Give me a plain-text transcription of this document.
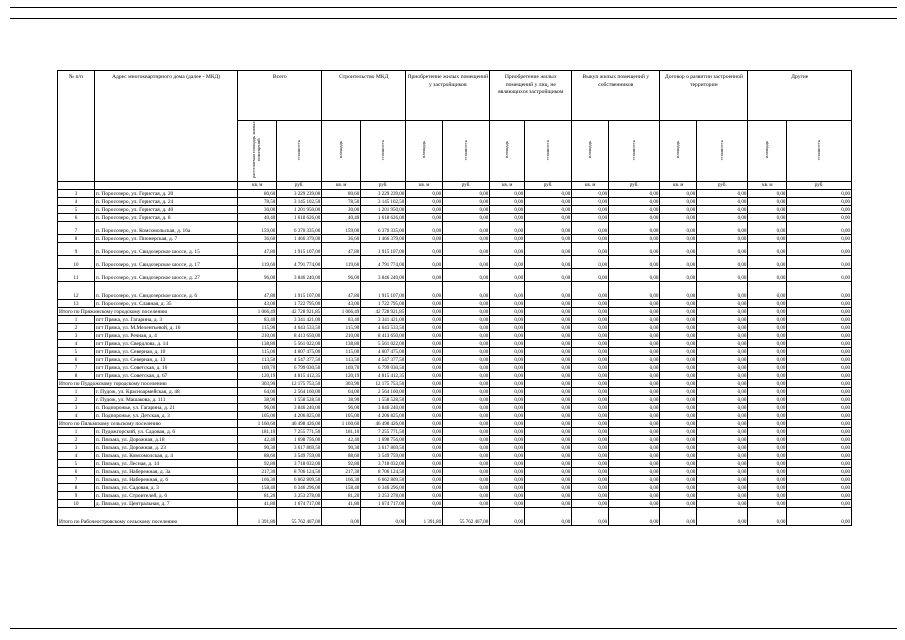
№ п/п	Адрес многоквартирного дома (далее - МКД)	Всего		Строительство МКД		Приобретение жилых помещений у застройщиков		Приобретение жилых помещений у лиц, не являющихся застройщиком		Выкуп жилых помещений у собственников		Договор о развитии застроенной территории		Другие	
		расселяемая площадь жилых помещений	стоимость	площадь	стоимость	площадь	стоимость	площадь	стоимость	площадь	стоимость	площадь	стоимость	площадь	стоимость
		кв. м	руб.	кв. м	руб.	кв. м	руб.	кв. м	руб.	кв. м	руб.	кв. м	руб.	кв. м	руб.
3	п. Поросозеро, ул. Гористая, д. 20	80,60	3 229 239,00	80,60	3 229 239,00	0,00	0,00	0,00	0,00	0,00	0,00	0,00	0,00	0,00	0,00
4	п. Поросозеро, ул. Гористая, д. 24	78,50	3 145 102,50	78,50	3 145 102,50	0,00	0,00	0,00	0,00	0,00	0,00	0,00	0,00	0,00	0,00
5	п. Поросозеро, ул. Гористая, д. 40	30,00	1 201 950,00	30,00	1 201 950,00	0,00	0,00	0,00	0,00	0,00	0,00	0,00	0,00	0,00	0,00
6	п. Поросозеро, ул. Гористая, д. 8	40,40	1 618 626,00	40,40	1 618 626,00	0,00	0,00	0,00	0,00	0,00	0,00	0,00	0,00	0,00	0,00
7	п. Поросозеро, ул. Комсомольская, д. 16а	159,00	6 370 335,00	159,00	6 370 335,00	0,00	0,00	0,00	0,00	0,00	0,00	0,00	0,00	0,00	0,00
8	п. Поросозеро, ул. Пионерская, д. 7	36,60	1 466 379,00	36,60	1 466 379,00	0,00	0,00	0,00	0,00	0,00	0,00	0,00	0,00	0,00	0,00
9	п. Поросозеро, ул. Свидозерское шоссе, д. 15	47,80	1 915 107,00	47,80	1 915 107,00	0,00	0,00	0,00	0,00	0,00	0,00	0,00	0,00	0,00	0,00
10	п. Поросозеро, ул. Свидозерское шоссе, д. 17	119,60	4 791 774,00	119,60	4 791 774,00	0,00	0,00	0,00	0,00	0,00	0,00	0,00	0,00	0,00	0,00
11	п. Поросозеро, ул. Свидозерское шоссе, д. 27	96,00	3 846 240,00	96,00	3 846 240,00	0,00	0,00	0,00	0,00	0,00	0,00	0,00	0,00	0,00	0,00
12	п. Поросозеро, ул. Свидозерское шоссе, д. 6	47,80	1 915 107,00	47,80	1 915 107,00	0,00	0,00	0,00	0,00	0,00	0,00	0,00	0,00	0,00	0,00
13	п. Поросозеро, ул. Славная, д. 35	43,00	1 722 795,00	43,00	1 722 795,00	0,00	0,00	0,00	0,00	0,00	0,00	0,00	0,00	0,00	0,00
Итого по Пряжинскому городскому поселению		1 066,49	42 728 921,85	1 066,49	42 728 921,85	0,00	0,00	0,00	0,00	0,00	0,00	0,00	0,00	0,00	0,00
1	пгт Пряжа, ул. Гагарина, д. 3	83,40	3 341 421,00	83,40	3 341 421,00	0,00	0,00	0,00	0,00	0,00	0,00	0,00	0,00	0,00	0,00
2	пгт Пряжа, ул. М.Мелентьевой, д. 16	115,90	4 643 533,50	115,90	4 643 533,50	0,00	0,00	0,00	0,00	0,00	0,00	0,00	0,00	0,00	0,00
3	пгт Пряжа, ул. Речная, д. 4	210,00	8 413 650,00	210,00	8 413 650,00	0,00	0,00	0,00	0,00	0,00	0,00	0,00	0,00	0,00	0,00
4	пгт Пряжа, ул. Свердлова, д. 14	138,80	5 561 022,00	138,80	5 561 022,00	0,00	0,00	0,00	0,00	0,00	0,00	0,00	0,00	0,00	0,00
5	пгт Пряжа, ул. Северная, д. 10	115,00	4 607 475,00	115,00	4 607 475,00	0,00	0,00	0,00	0,00	0,00	0,00	0,00	0,00	0,00	0,00
6	пгт Пряжа, ул. Северная, д. 13	113,50	4 547 377,50	113,50	4 547 377,50	0,00	0,00	0,00	0,00	0,00	0,00	0,00	0,00	0,00	0,00
7	пгт Пряжа, ул. Советская, д. 16	169,70	6 799 030,50	169,70	6 799 030,50	0,00	0,00	0,00	0,00	0,00	0,00	0,00	0,00	0,00	0,00
8	пгт Пряжа, ул. Советская, д. 67	120,19	4 815 412,35	120,19	4 815 412,35	0,00	0,00	0,00	0,00	0,00	0,00	0,00	0,00	0,00	0,00
Итого по Пуддожскому городскому поселению		303,90	12 175 753,50	303,90	12 175 753,50	0,00	0,00	0,00	0,00	0,00	0,00	0,00	0,00	0,00	0,00
1	г. Пудож, ул. Красноармейская, д. 48	64,00	2 564 160,00	64,00	2 564 160,00	0,00	0,00	0,00	0,00	0,00	0,00	0,00	0,00	0,00	0,00
2	г. Пудож, ул. Машакова, д. 111	38,90	1 558 528,50	38,90	1 558 528,50	0,00	0,00	0,00	0,00	0,00	0,00	0,00	0,00	0,00	0,00
3	п. Подпорожье, ул. Гагарина, д. 21	96,00	3 846 240,00	96,00	3 846 240,00	0,00	0,00	0,00	0,00	0,00	0,00	0,00	0,00	0,00	0,00
4	п. Подпорожье, ул. Детская, д. 3	105,00	4 206 825,00	105,00	4 206 825,00	0,00	0,00	0,00	0,00	0,00	0,00	0,00	0,00	0,00	0,00
Итого по Пяльмскому сельскому поселению		1 160,60	46 498 426,00	1 160,60	46 498 426,00	0,00	0,00	0,00	0,00	0,00	0,00	0,00	0,00	0,00	0,00
1	п. Пудожгорский, ул. Садовая, д. 6	181,10	7 255 771,50	181,10	7 255 771,50	0,00	0,00	0,00	0,00	0,00	0,00	0,00	0,00	0,00	0,00
2	п. Пяльма, ул. Дорожная, д.18	42,40	1 698 756,00	42,40	1 698 756,00	0,00	0,00	0,00	0,00	0,00	0,00	0,00	0,00	0,00	0,00
3	п. Пяльма, ул. Дорожная, д. 23	90,30	3 617 869,50	90,30	3 617 869,50	0,00	0,00	0,00	0,00	0,00	0,00	0,00	0,00	0,00	0,00
4	п. Пяльма, ул. Комсомолская, д. 4	88,60	3 549 759,00	88,60	3 549 759,00	0,00	0,00	0,00	0,00	0,00	0,00	0,00	0,00	0,00	0,00
5	п. Пяльма, ул. Лесная, д. 14	92,80	3 718 032,00	92,80	3 718 032,00	0,00	0,00	0,00	0,00	0,00	0,00	0,00	0,00	0,00	0,00
6	п. Пяльма, ул. Набережная, д. 3а	217,30	8 706 124,50	217,30	8 706 124,50	0,00	0,00	0,00	0,00	0,00	0,00	0,00	0,00	0,00	0,00
7	п. Пяльма, ул. Набережная, д. 6	166,30	6 662 809,50	166,30	6 662 809,50	0,00	0,00	0,00	0,00	0,00	0,00	0,00	0,00	0,00	0,00
8	п. Пяльма, ул. Садовая, д. 3	158,40	6 346 296,00	158,40	6 346 296,00	0,00	0,00	0,00	0,00	0,00	0,00	0,00	0,00	0,00	0,00
9	п. Пяльма, ул. Строителей, д. 6	81,20	3 253 278,00	81,20	3 253 278,00	0,00	0,00	0,00	0,00	0,00	0,00	0,00	0,00	0,00	0,00
10	д. Пяльма, ул. Центральная, д. 7	41,80	1 674 717,00	41,80	1 674 717,00	0,00	0,00	0,00	0,00	0,00	0,00	0,00	0,00	0,00	0,00
Итого по Рабочеостровскому сельскому поселению		1 391,80	55 762 467,00	0,00	0,00	1 391,80	55 762 467,00	0,00	0,00	0,00	0,00	0,00	0,00	0,00	0,00
